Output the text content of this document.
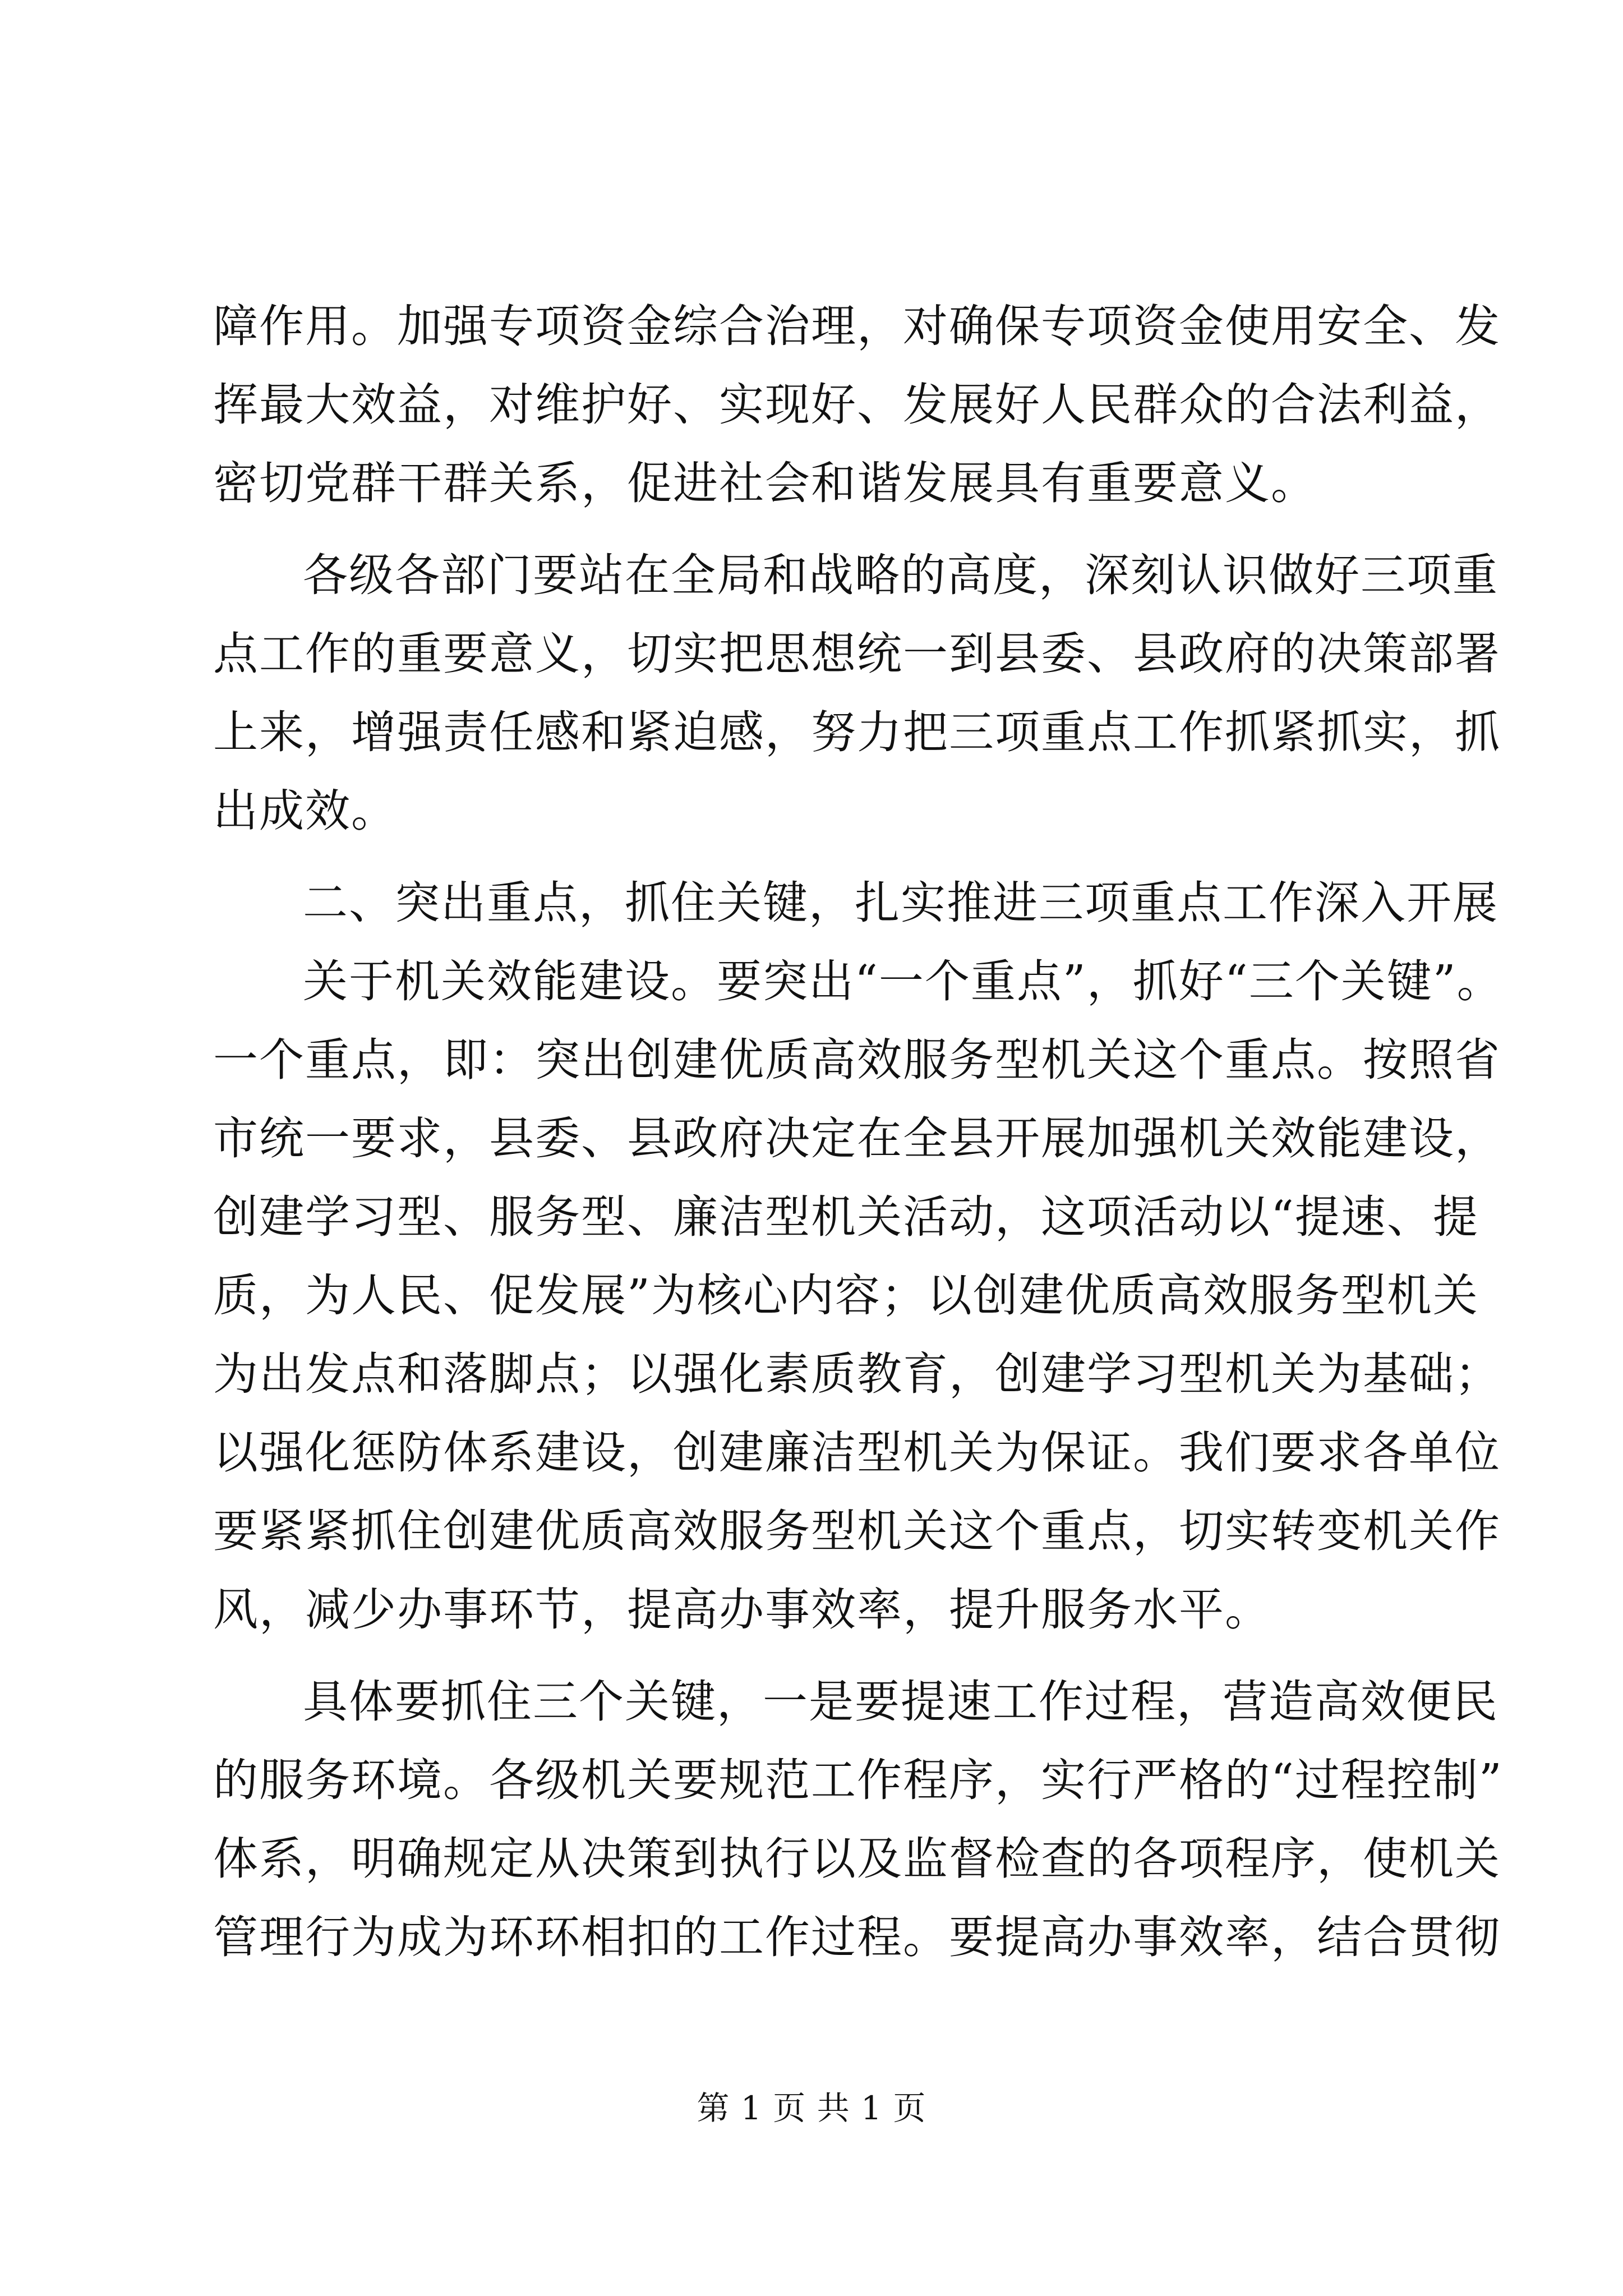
障作用。加强专项资金综合治理，对确保专项资金使用安全、发
挥最大效益，对维护好、实现好、发展好人民群众的合法利益，
密切党群干群关系，促进社会和谐发展具有重要意义。
各级各部门要站在全局和战略的高度，深刻认识做好三项重
点工作的重要意义，切实把思想统一到县委、县政府的决策部署
上来，增强责任感和紧迫感，努力把三项重点工作抓紧抓实，抓
出成效。
二、突出重点，抓住关键，扎实推进三项重点工作深入开展
关于机关效能建设。要突出“一个重点”，抓好“三个关键”。
一个重点，即：突出创建优质高效服务型机关这个重点。按照省
市统一要求，县委、县政府决定在全县开展加强机关效能建设，
创建学习型、服务型、廉洁型机关活动，这项活动以“提速、提
质，为人民、促发展”为核心内容；以创建优质高效服务型机关
为出发点和落脚点；以强化素质教育，创建学习型机关为基础；
以强化惩防体系建设，创建廉洁型机关为保证。我们要求各单位
要紧紧抓住创建优质高效服务型机关这个重点，切实转变机关作
风，减少办事环节，提高办事效率，提升服务水平。
具体要抓住三个关键，一是要提速工作过程，营造高效便民
的服务环境。各级机关要规范工作程序，实行严格的“过程控制”
体系，明确规定从决策到执行以及监督检查的各项程序，使机关
管理行为成为环环相扣的工作过程。要提高办事效率，结合贯彻
第 1 页 共 1 页
